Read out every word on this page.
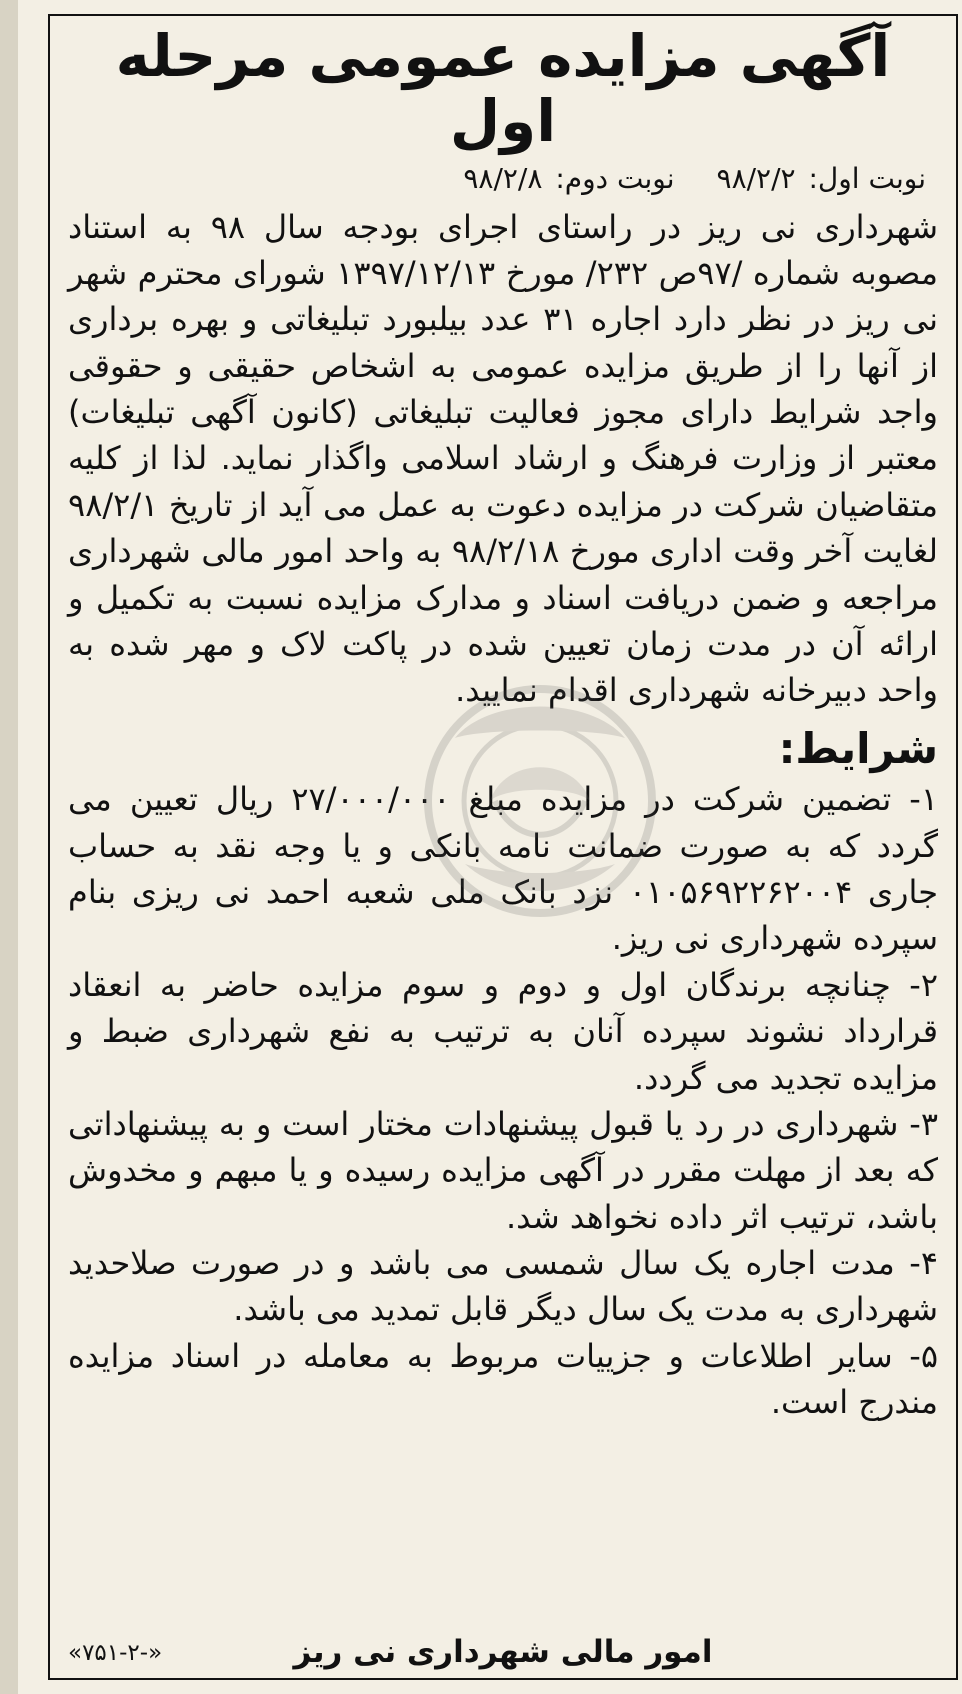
آگهی مزایده عمومی مرحله اول
نوبت اول: ۹۸/۲/۲
نوبت دوم: ۹۸/۲/۸

شهرداری نی ریز در راستای اجرای بودجه سال ۹۸ به استناد مصوبه شماره /۹۷ص ۲۳۲/ مورخ ۱۳۹۷/۱۲/۱۳ شورای محترم شهر نی ریز در نظر دارد اجاره ۳۱ عدد بیلبورد تبلیغاتی و بهره برداری از آنها را از طریق مزایده عمومی به اشخاص حقیقی و حقوقی واجد شرایط دارای مجوز فعالیت تبلیغاتی (کانون آگهی تبلیغات) معتبر از وزارت فرهنگ و ارشاد اسلامی واگذار نماید. لذا از کلیه متقاضیان شرکت در مزایده دعوت به عمل می آید از تاریخ ۹۸/۲/۱ لغایت آخر وقت اداری مورخ ۹۸/۲/۱۸ به واحد امور مالی شهرداری مراجعه و ضمن دریافت اسناد و مدارک مزایده نسبت به تکمیل و ارائه آن در مدت زمان تعیین شده در پاکت لاک و مهر شده به واحد دبیرخانه شهرداری اقدام نمایید.

شرایط:
۱- تضمین شرکت در مزایده مبلغ ۲۷/۰۰۰/۰۰۰ ریال تعیین می گردد که به صورت ضمانت نامه بانکی و یا وجه نقد به حساب جاری ۰۱۰۵۶۹۲۲۶۲۰۰۴ نزد بانک ملی شعبه احمد نی ریزی بنام سپرده شهرداری نی ریز.
۲- چنانچه برندگان اول و دوم و سوم مزایده حاضر به انعقاد قرارداد نشوند سپرده آنان به ترتیب به نفع شهرداری ضبط و مزایده تجدید می گردد.
۳- شهرداری در رد یا قبول پیشنهادات مختار است و به پیشنهاداتی که بعد از مهلت مقرر در آگهی مزایده رسیده و یا مبهم و مخدوش باشد، ترتیب اثر داده نخواهد شد.
۴- مدت اجاره یک سال شمسی می باشد و در صورت صلاحدید شهرداری به مدت یک سال دیگر قابل تمدید می باشد.
۵- سایر اطلاعات و جزییات مربوط به معامله در اسناد مزایده مندرج است.
امور مالی شهرداری نی ریز
«۷۵۱-۲-»
